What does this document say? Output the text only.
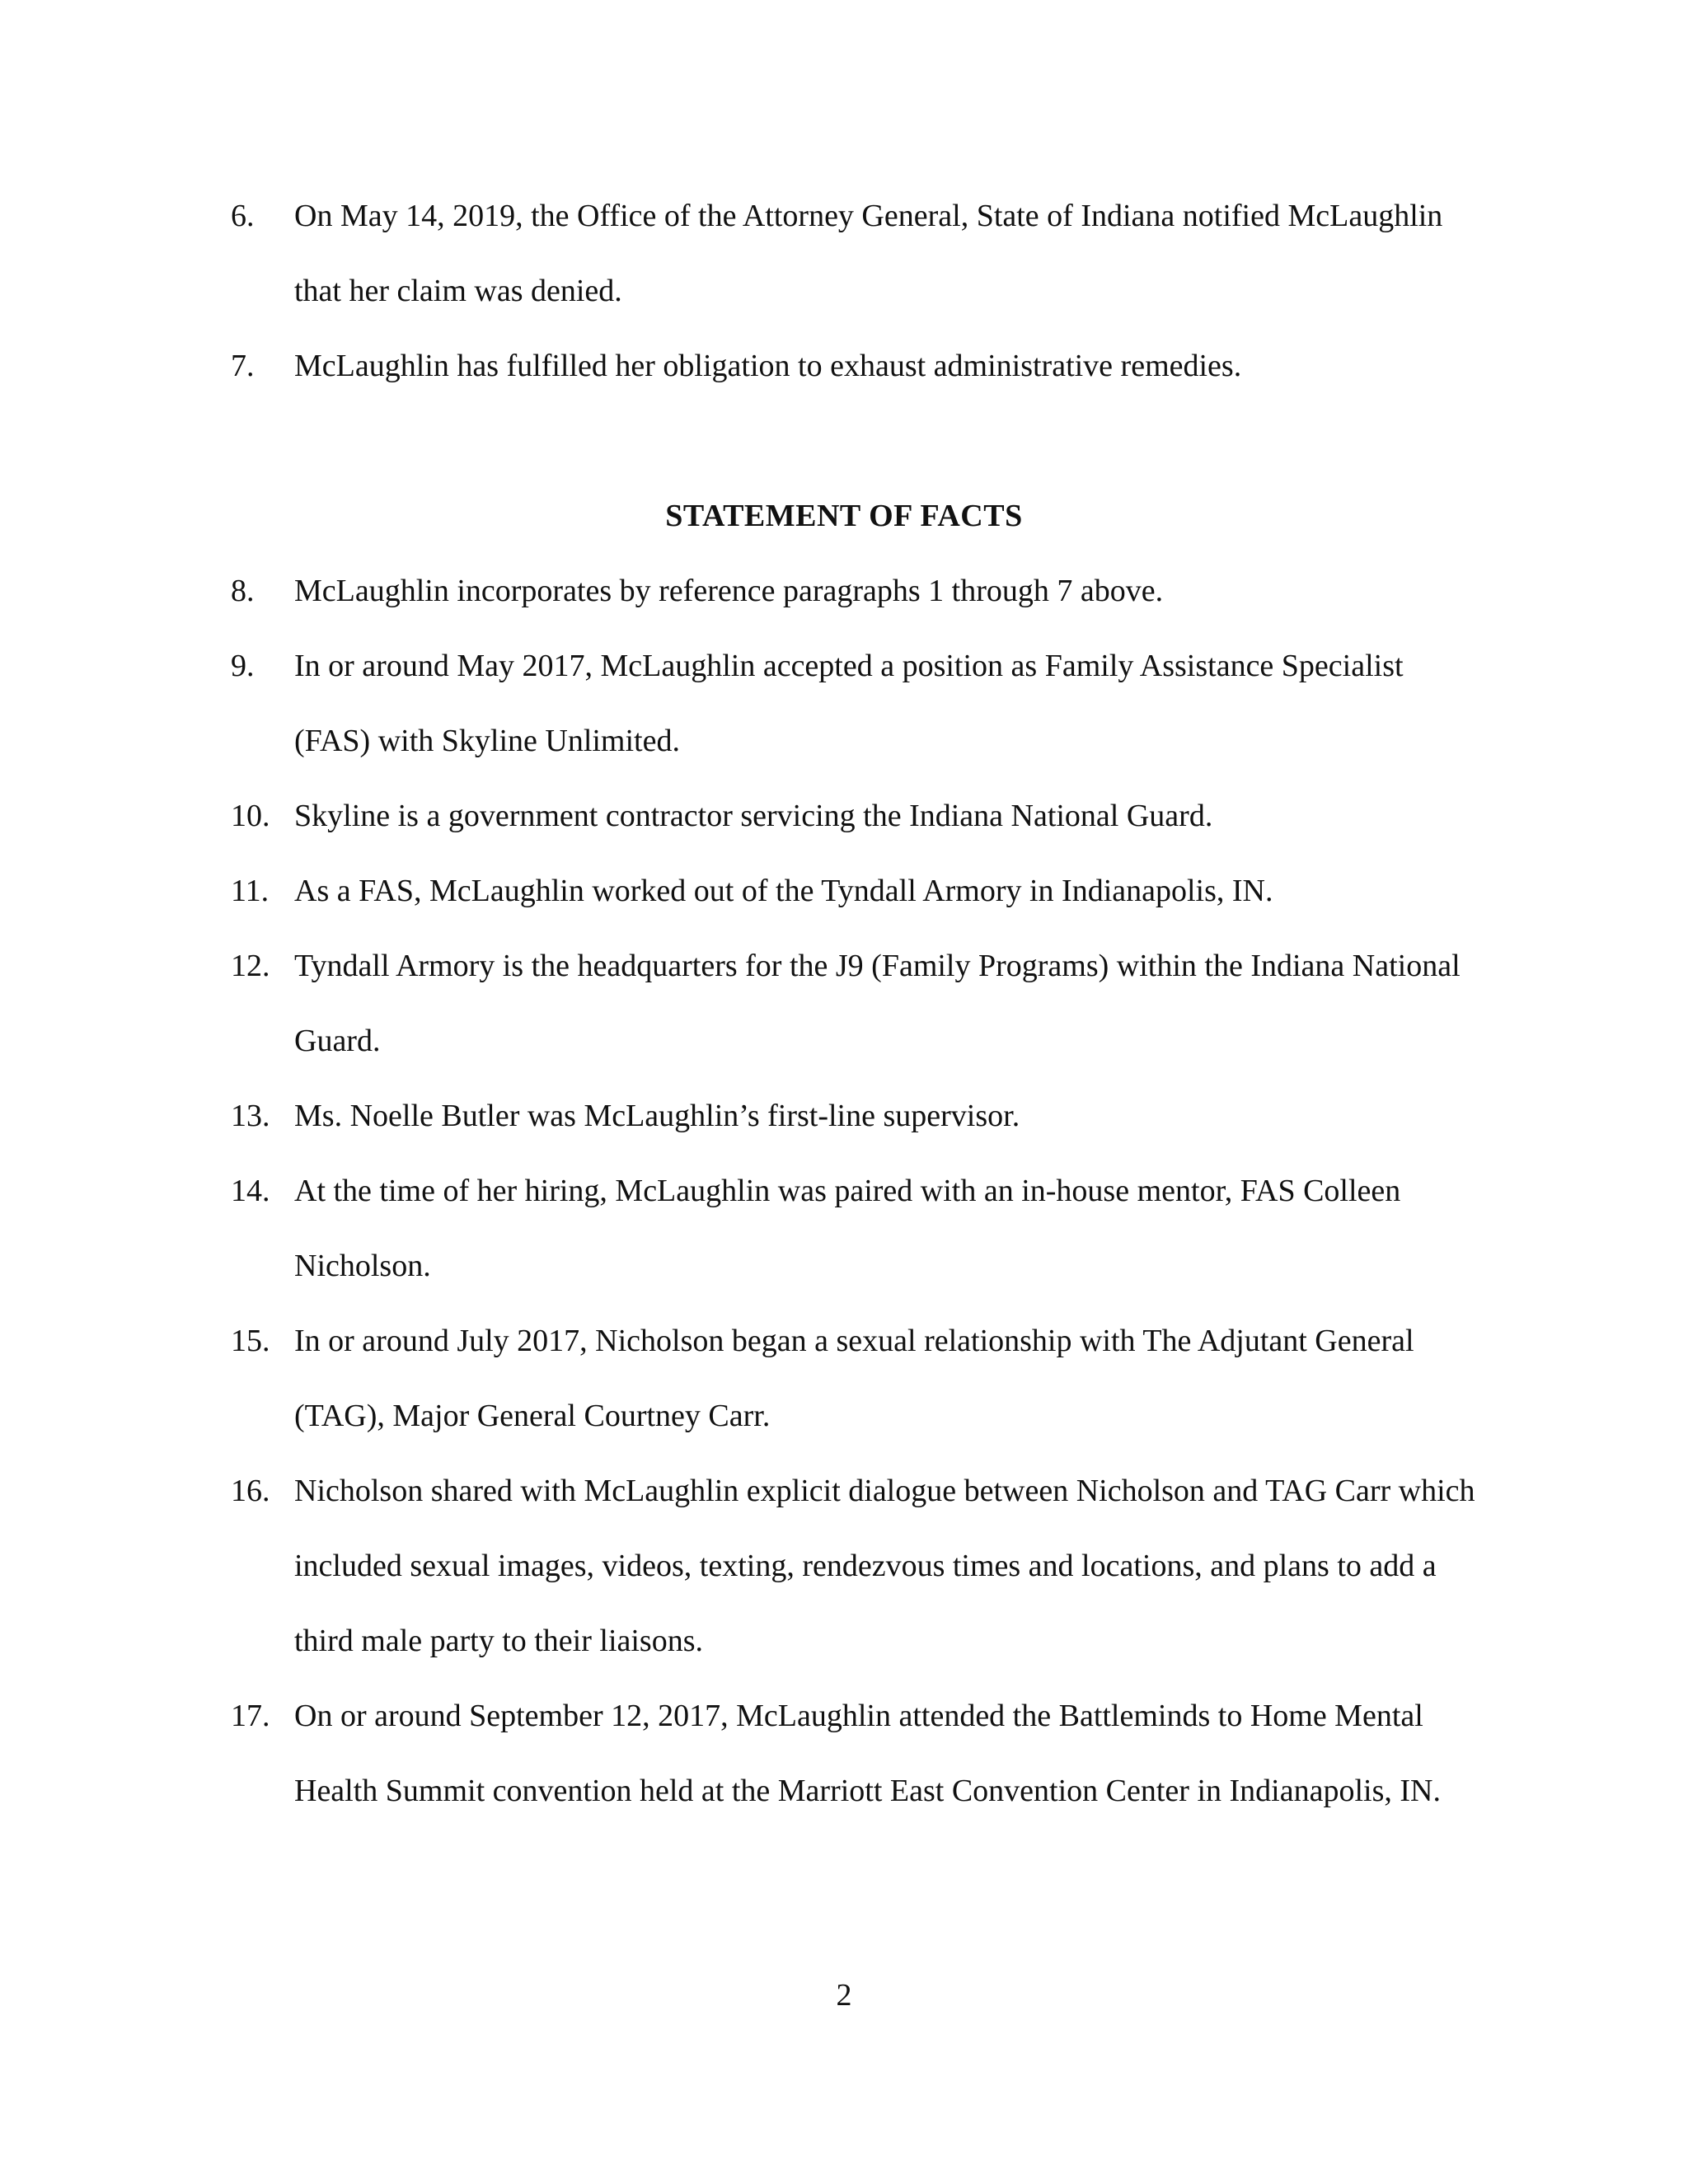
6.	On May 14, 2019, the Office of the Attorney General, State of Indiana notified McLaughlin that her claim was denied.
7.	McLaughlin has fulfilled her obligation to exhaust administrative remedies.
STATEMENT OF FACTS
8.	McLaughlin incorporates by reference paragraphs 1 through 7 above.
9.	In or around May 2017, McLaughlin accepted a position as Family Assistance Specialist (FAS) with Skyline Unlimited.
10. Skyline is a government contractor servicing the Indiana National Guard.
11. As a FAS, McLaughlin worked out of the Tyndall Armory in Indianapolis, IN.
12. Tyndall Armory is the headquarters for the J9 (Family Programs) within the Indiana National Guard.
13. Ms. Noelle Butler was McLaughlin’s first-line supervisor.
14. At the time of her hiring, McLaughlin was paired with an in-house mentor, FAS Colleen Nicholson.
15. In or around July 2017, Nicholson began a sexual relationship with The Adjutant General (TAG), Major General Courtney Carr.
16. Nicholson shared with McLaughlin explicit dialogue between Nicholson and TAG Carr which included sexual images, videos, texting, rendezvous times and locations, and plans to add a third male party to their liaisons.
17. On or around September 12, 2017, McLaughlin attended the Battleminds to Home Mental Health Summit convention held at the Marriott East Convention Center in Indianapolis, IN.
2
